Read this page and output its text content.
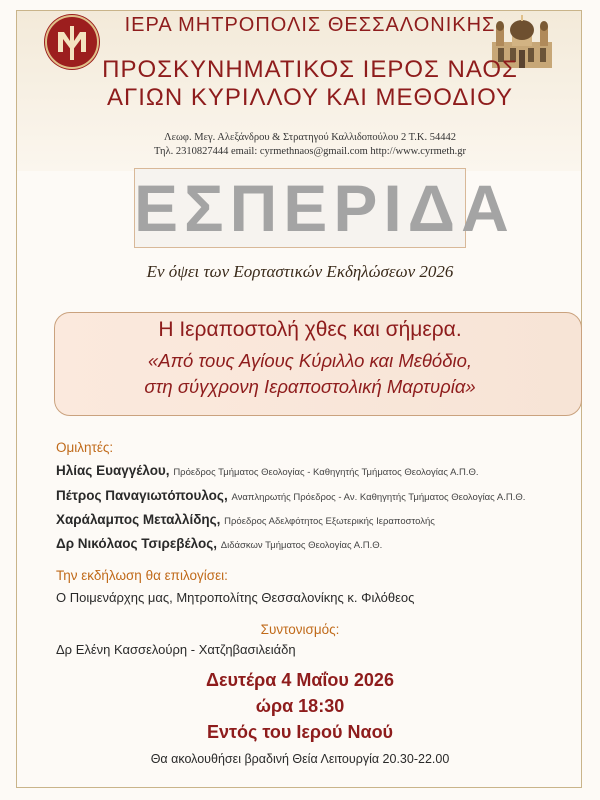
ΙΕΡΑ ΜΗΤΡΟΠΟΛΙΣ ΘΕΣΣΑΛΟΝΙΚΗΣ
ΠΡΟΣΚΥΝΗΜΑΤΙΚΟΣ ΙΕΡΟΣ ΝΑΟΣ
ΑΓΙΩΝ ΚΥΡΙΛΛΟΥ ΚΑΙ ΜΕΘΟΔΙΟΥ
Λεωφ. Μεγ. Αλεξάνδρου & Στρατηγού Καλλιδοπούλου 2 Τ.Κ. 54442
Τηλ. 2310827444 email: cyrmethnaos@gmail.com http://www.cyrmeth.gr
ΕΣΠΕΡΙΔΑ
Εν όψει των Εορταστικών Εκδηλώσεων 2026
Η Ιεραποστολή χθες και σήμερα.
«Από τους Αγίους Κύριλλο και Μεθόδιο,
στη σύγχρονη Ιεραποστολική Μαρτυρία»
Ομιλητές:
Ηλίας Ευαγγέλου, Πρόεδρος Τμήματος Θεολογίας - Καθηγητής Τμήματος Θεολογίας Α.Π.Θ.
Πέτρος Παναγιωτόπουλος, Αναπληρωτής Πρόεδρος - Αν. Καθηγητής Τμήματος Θεολογίας Α.Π.Θ.
Χαράλαμπος Μεταλλίδης, Πρόεδρος Αδελφότητος Εξωτερικής Ιεραποστολής
Δρ Νικόλαος Τσιρεβέλος, Διδάσκων Τμήματος Θεολογίας Α.Π.Θ.
Την εκδήλωση θα επιλογίσει:
Ο Ποιμενάρχης μας, Μητροπολίτης Θεσσαλονίκης κ. Φιλόθεος
Συντονισμός:
Δρ Ελένη Κασσελούρη - Χατζηβασιλειάδη
Δευτέρα 4 Μαΐου 2026
ώρα 18:30
Εντός του Ιερού Ναού
Θα ακολουθήσει βραδινή Θεία Λειτουργία 20.30-22.00
